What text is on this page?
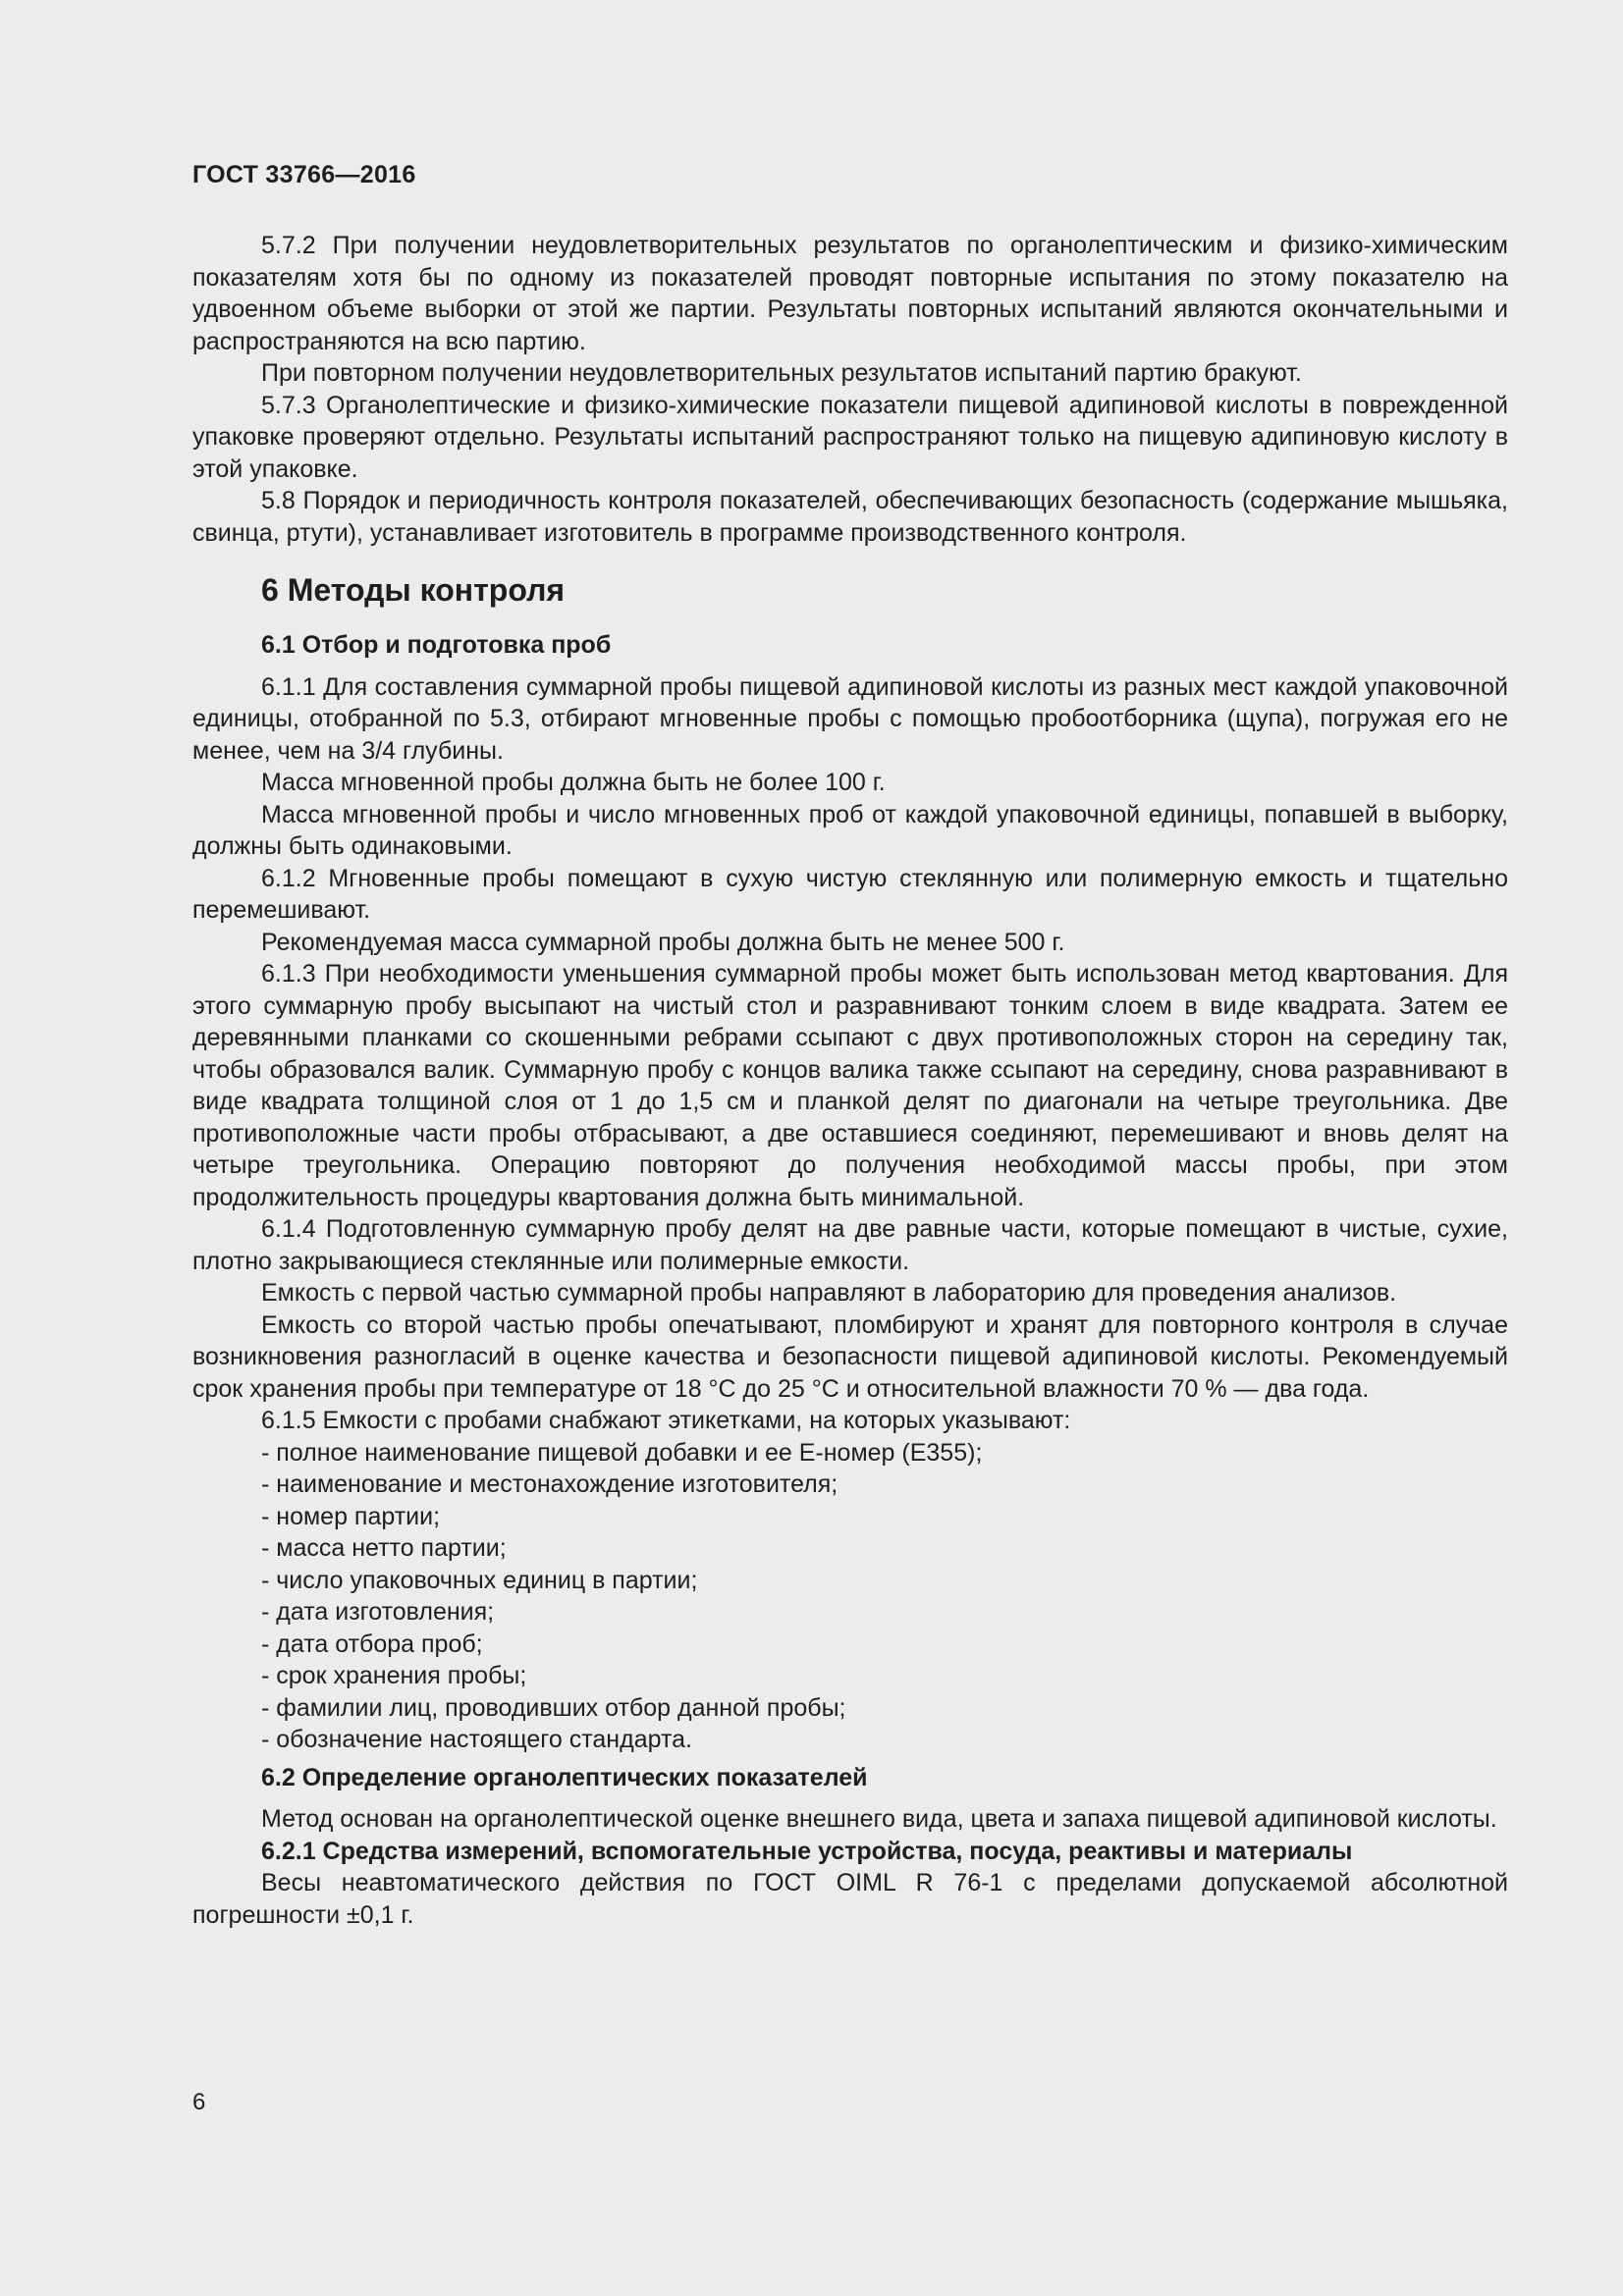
ГОСТ 33766—2016

5.7.2 При получении неудовлетворительных результатов по органолептическим и физико-химическим показателям хотя бы по одному из показателей проводят повторные испытания по этому показателю на удвоенном объеме выборки от этой же партии. Результаты повторных испытаний являются окончательными и распространяются на всю партию.

При повторном получении неудовлетворительных результатов испытаний партию бракуют.

5.7.3 Органолептические и физико-химические показатели пищевой адипиновой кислоты в поврежденной упаковке проверяют отдельно. Результаты испытаний распространяют только на пищевую адипиновую кислоту в этой упаковке.

5.8 Порядок и периодичность контроля показателей, обеспечивающих безопасность (содержание мышьяка, свинца, ртути), устанавливает изготовитель в программе производственного контроля.

6 Методы контроля
6.1 Отбор и подготовка проб

6.1.1 Для составления суммарной пробы пищевой адипиновой кислоты из разных мест каждой упаковочной единицы, отобранной по 5.3, отбирают мгновенные пробы с помощью пробоотборника (щупа), погружая его не менее, чем на 3/4 глубины.

Масса мгновенной пробы должна быть не более 100 г.

Масса мгновенной пробы и число мгновенных проб от каждой упаковочной единицы, попавшей в выборку, должны быть одинаковыми.

6.1.2 Мгновенные пробы помещают в сухую чистую стеклянную или полимерную емкость и тщательно перемешивают.

Рекомендуемая масса суммарной пробы должна быть не менее 500 г.

6.1.3 При необходимости уменьшения суммарной пробы может быть использован метод квартования. Для этого суммарную пробу высыпают на чистый стол и разравнивают тонким слоем в виде квадрата. Затем ее деревянными планками со скошенными ребрами ссыпают с двух противоположных сторон на середину так, чтобы образовался валик. Суммарную пробу с концов валика также ссыпают на середину, снова разравнивают в виде квадрата толщиной слоя от 1 до 1,5 см и планкой делят по диагонали на четыре треугольника. Две противоположные части пробы отбрасывают, а две оставшиеся соединяют, перемешивают и вновь делят на четыре треугольника. Операцию повторяют до получения необходимой массы пробы, при этом продолжительность процедуры квартования должна быть минимальной.

6.1.4 Подготовленную суммарную пробу делят на две равные части, которые помещают в чистые, сухие, плотно закрывающиеся стеклянные или полимерные емкости.

Емкость с первой частью суммарной пробы направляют в лабораторию для проведения анализов.

Емкость со второй частью пробы опечатывают, пломбируют и хранят для повторного контроля в случае возникновения разногласий в оценке качества и безопасности пищевой адипиновой кислоты. Рекомендуемый срок хранения пробы при температуре от 18 °С до 25 °С и относительной влажности 70 % — два года.

6.1.5 Емкости с пробами снабжают этикетками, на которых указывают:

- полное наименование пищевой добавки и ее Е-номер (Е355);
- наименование и местонахождение изготовителя;
- номер партии;
- масса нетто партии;
- число упаковочных единиц в партии;
- дата изготовления;
- дата отбора проб;
- срок хранения пробы;
- фамилии лиц, проводивших отбор данной пробы;
- обозначение настоящего стандарта.
6.2 Определение органолептических показателей

Метод основан на органолептической оценке внешнего вида, цвета и запаха пищевой адипиновой кислоты.

6.2.1 Средства измерений, вспомогательные устройства, посуда, реактивы и материалы

Весы неавтоматического действия по ГОСТ OIML R 76-1 с пределами допускаемой абсолютной погрешности ±0,1 г.

6
